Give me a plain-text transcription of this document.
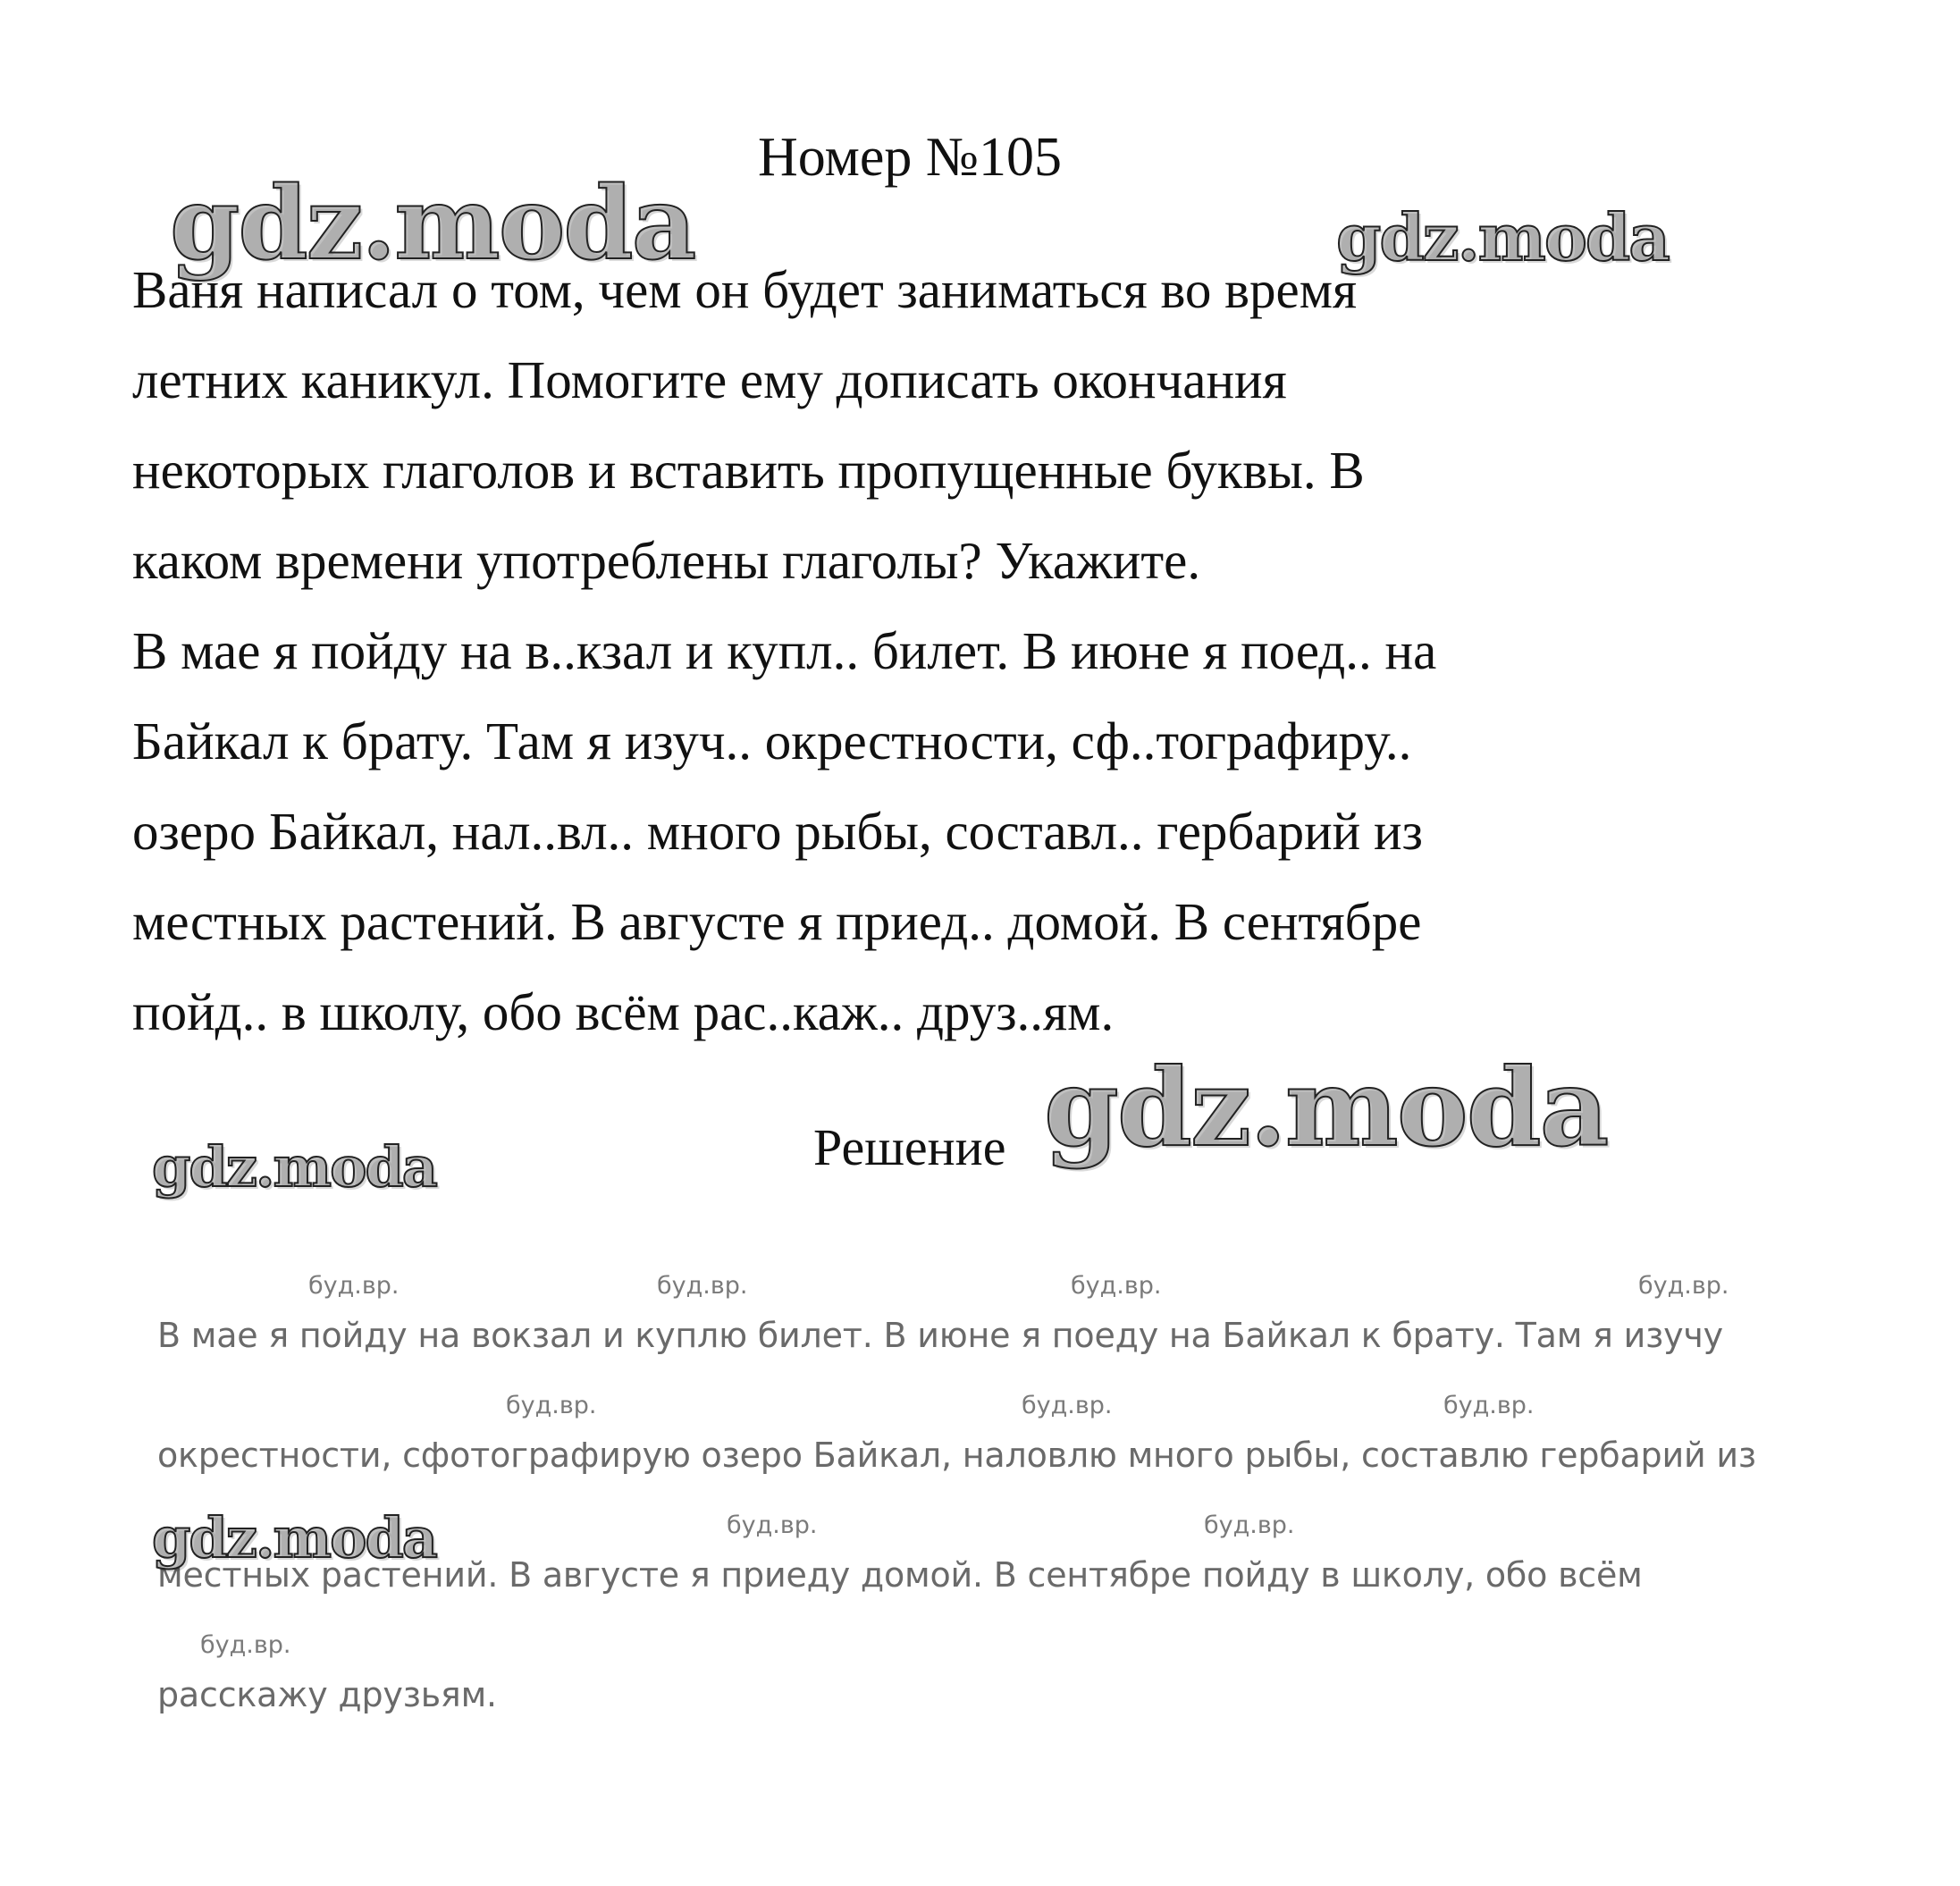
Номер №105
Ваня написал о том, чем он будет заниматься во время
летних каникул. Помогите ему дописать окончания
некоторых глаголов и вставить пропущенные буквы. В
каком времени употреблены глаголы? Укажите.
В мае я пойду на в..кзал и купл.. билет. В июне я поед.. на
Байкал к брату. Там я изуч.. окрестности, сф..тографиру..
озеро Байкал, нал..вл.. много рыбы, составл.. гербарий из
местных растений. В августе я приед.. домой. В сентябре
пойд.. в школу, обо всём рас..каж.. друз..ям.
Решение
буд.вр.	буд.вр.	буд.вр.	буд.вр.
В мае я пойду на вокзал и куплю билет. В июне я поеду на Байкал к брату. Там я изучу
буд.вр.	буд.вр.	буд.вр.
окрестности, сфотографирую озеро Байкал, наловлю много рыбы, составлю гербарий из
буд.вр.	буд.вр.
местных растений. В августе я приеду домой. В сентябре пойду в школу, обо всём
буд.вр.
расскажу друзьям.
gdz.moda	gdz.moda
gdz.moda
gdz.moda
gdz.moda
